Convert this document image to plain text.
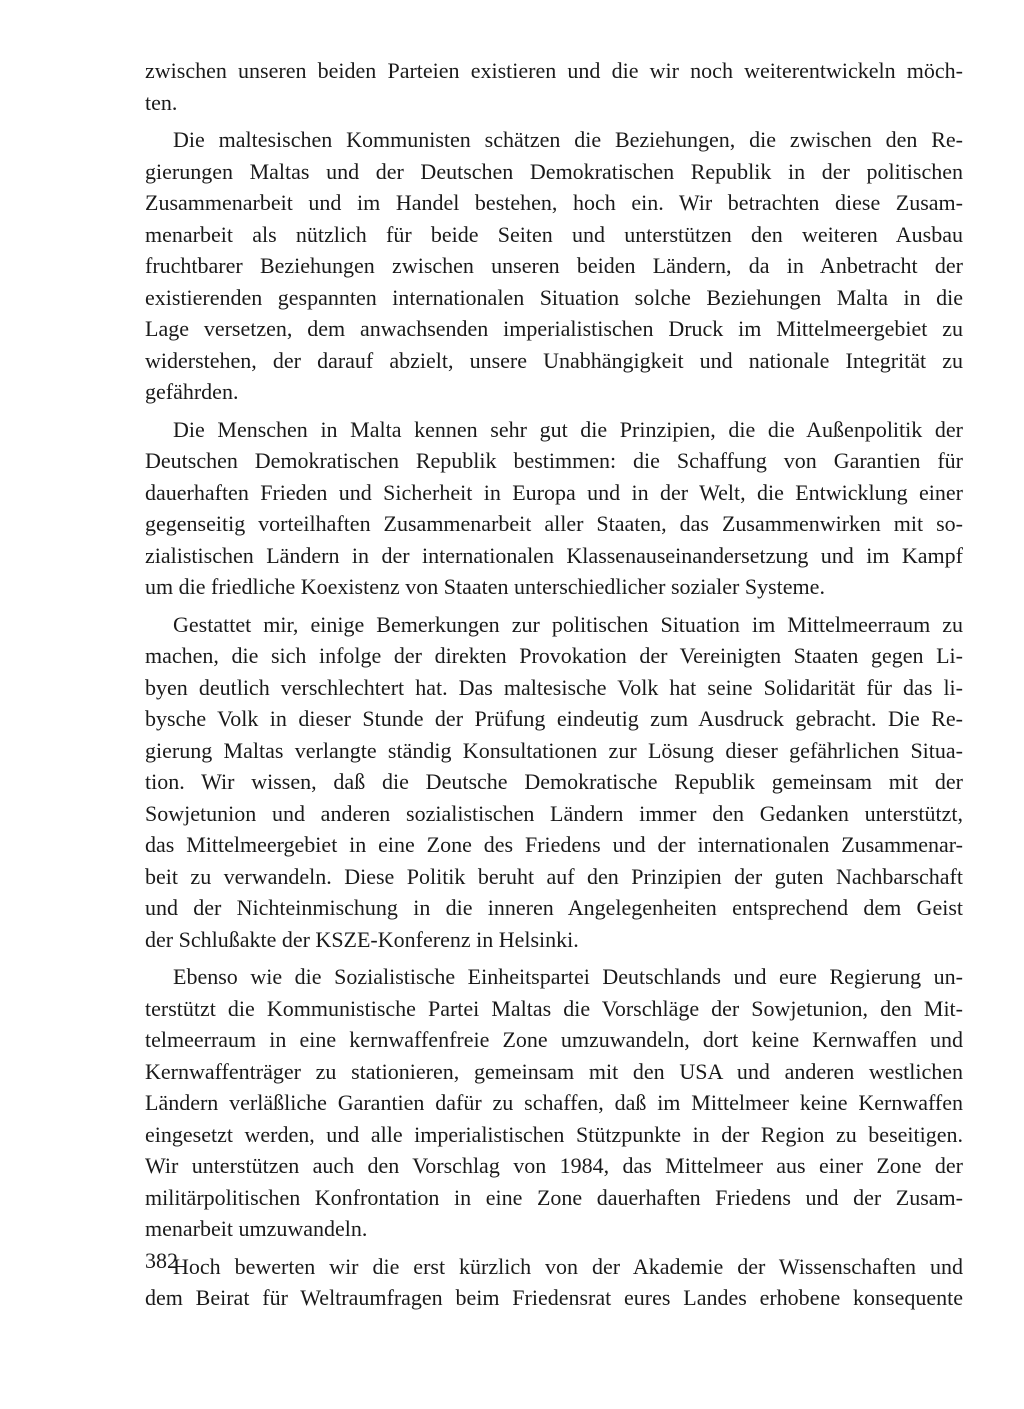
zwischen unseren beiden Parteien existieren und die wir noch weiterentwickeln möch-
ten.
Die maltesischen Kommunisten schätzen die Beziehungen, die zwischen den Re-
gierungen Maltas und der Deutschen Demokratischen Republik in der politischen
Zusammenarbeit und im Handel bestehen, hoch ein. Wir betrachten diese Zusam-
menarbeit als nützlich für beide Seiten und unterstützen den weiteren Ausbau
fruchtbarer Beziehungen zwischen unseren beiden Ländern, da in Anbetracht der
existierenden gespannten internationalen Situation solche Beziehungen Malta in die
Lage versetzen, dem anwachsenden imperialistischen Druck im Mittelmeergebiet zu
widerstehen, der darauf abzielt, unsere Unabhängigkeit und nationale Integrität zu
gefährden.
Die Menschen in Malta kennen sehr gut die Prinzipien, die die Außenpolitik der
Deutschen Demokratischen Republik bestimmen: die Schaffung von Garantien für
dauerhaften Frieden und Sicherheit in Europa und in der Welt, die Entwicklung einer
gegenseitig vorteilhaften Zusammenarbeit aller Staaten, das Zusammenwirken mit so-
zialistischen Ländern in der internationalen Klassenauseinandersetzung und im Kampf
um die friedliche Koexistenz von Staaten unterschiedlicher sozialer Systeme.
Gestattet mir, einige Bemerkungen zur politischen Situation im Mittelmeerraum zu
machen, die sich infolge der direkten Provokation der Vereinigten Staaten gegen Li-
byen deutlich verschlechtert hat. Das maltesische Volk hat seine Solidarität für das li-
bysche Volk in dieser Stunde der Prüfung eindeutig zum Ausdruck gebracht. Die Re-
gierung Maltas verlangte ständig Konsultationen zur Lösung dieser gefährlichen Situa-
tion. Wir wissen, daß die Deutsche Demokratische Republik gemeinsam mit der
Sowjetunion und anderen sozialistischen Ländern immer den Gedanken unterstützt,
das Mittelmeergebiet in eine Zone des Friedens und der internationalen Zusammenar-
beit zu verwandeln. Diese Politik beruht auf den Prinzipien der guten Nachbarschaft
und der Nichteinmischung in die inneren Angelegenheiten entsprechend dem Geist
der Schlußakte der KSZE-Konferenz in Helsinki.
Ebenso wie die Sozialistische Einheitspartei Deutschlands und eure Regierung un-
terstützt die Kommunistische Partei Maltas die Vorschläge der Sowjetunion, den Mit-
telmeerraum in eine kernwaffenfreie Zone umzuwandeln, dort keine Kernwaffen und
Kernwaffenträger zu stationieren, gemeinsam mit den USA und anderen westlichen
Ländern verläßliche Garantien dafür zu schaffen, daß im Mittelmeer keine Kernwaffen
eingesetzt werden, und alle imperialistischen Stützpunkte in der Region zu beseitigen.
Wir unterstützen auch den Vorschlag von 1984, das Mittelmeer aus einer Zone der
militärpolitischen Konfrontation in eine Zone dauerhaften Friedens und der Zusam-
menarbeit umzuwandeln.
Hoch bewerten wir die erst kürzlich von der Akademie der Wissenschaften und
dem Beirat für Weltraumfragen beim Friedensrat eures Landes erhobene konsequente
382
